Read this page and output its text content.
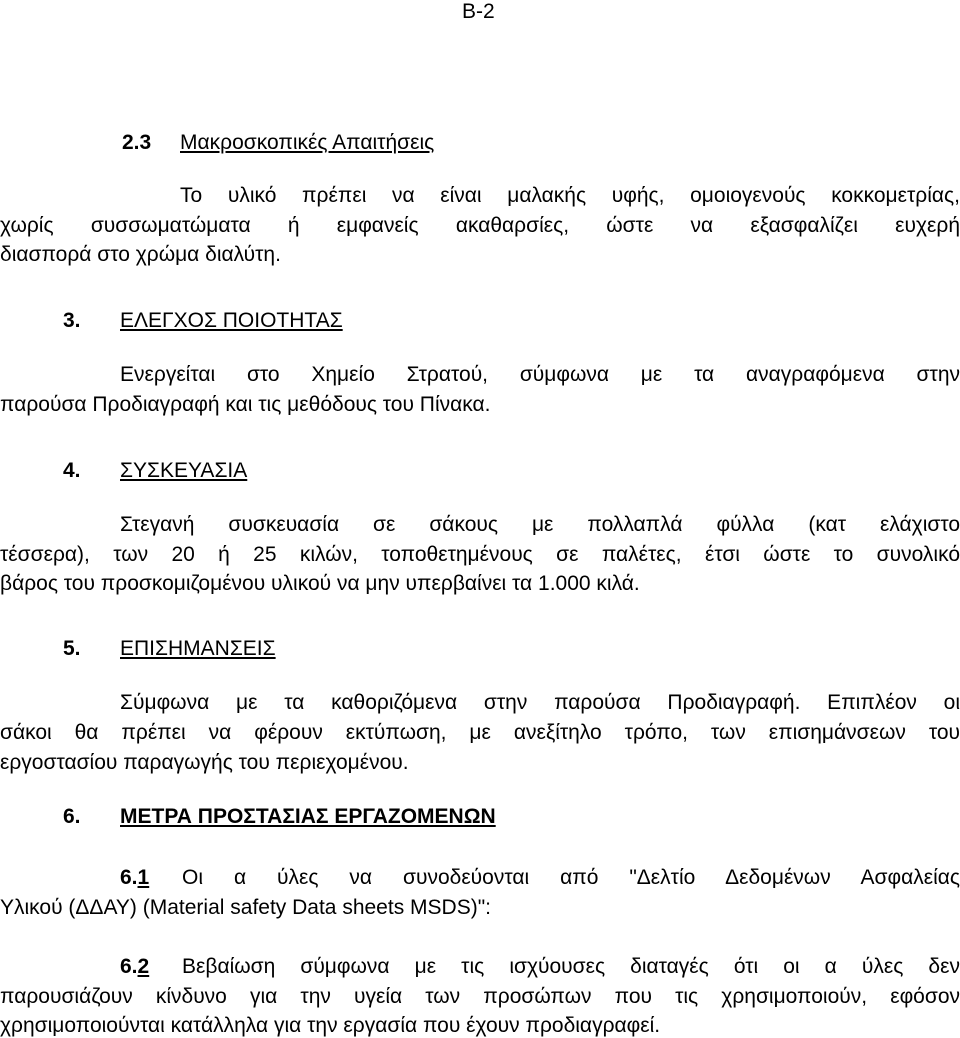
B-2
2.3 Μακροσκοπικές Απαιτήσεις
Το υλικό πρέπει να είναι μαλακής υφής, ομοιογενούς κοκκομετρίας,
χωρίς συσσωματώματα ή εμφανείς ακαθαρσίες, ώστε να εξασφαλίζει ευχερή
διασπορά στο χρώμα διαλύτη.
3. ΕΛΕΓΧΟΣ ΠΟΙΟΤΗΤΑΣ
Ενεργείται στο Χημείο Στρατού, σύμφωνα με τα αναγραφόμενα στην
παρούσα Προδιαγραφή και τις μεθόδους του Πίνακα.
4. ΣΥΣΚΕΥΑΣΙΑ
Στεγανή συσκευασία σε σάκους με πολλαπλά φύλλα (κατ ελάχιστο
τέσσερα), των 20 ή 25 κιλών, τοποθετημένους σε παλέτες, έτσι ώστε το συνολικό
βάρος του προσκομιζομένου υλικού να μην υπερβαίνει τα 1.000 κιλά.
5. ΕΠΙΣΗΜΑΝΣΕΙΣ
Σύμφωνα με τα καθοριζόμενα στην παρούσα Προδιαγραφή. Επιπλέον οι
σάκοι θα πρέπει να φέρουν εκτύπωση, με ανεξίτηλο τρόπο, των επισημάνσεων του
εργοστασίου παραγωγής του περιεχομένου.
6. ΜΕΤΡΑ ΠΡΟΣΤΑΣΙΑΣ ΕΡΓΑΖΟΜΕΝΩΝ
6.1 Οι α ύλες να συνοδεύονται από "Δελτίο Δεδομένων Ασφαλείας
Υλικού (ΔΔΑΥ) (Material safety Data sheets MSDS)":
6.2 Βεβαίωση σύμφωνα με τις ισχύουσες διαταγές ότι οι α ύλες δεν
παρουσιάζουν κίνδυνο για την υγεία των προσώπων που τις χρησιμοποιούν, εφόσον
χρησιμοποιούνται κατάλληλα για την εργασία που έχουν προδιαγραφεί.
